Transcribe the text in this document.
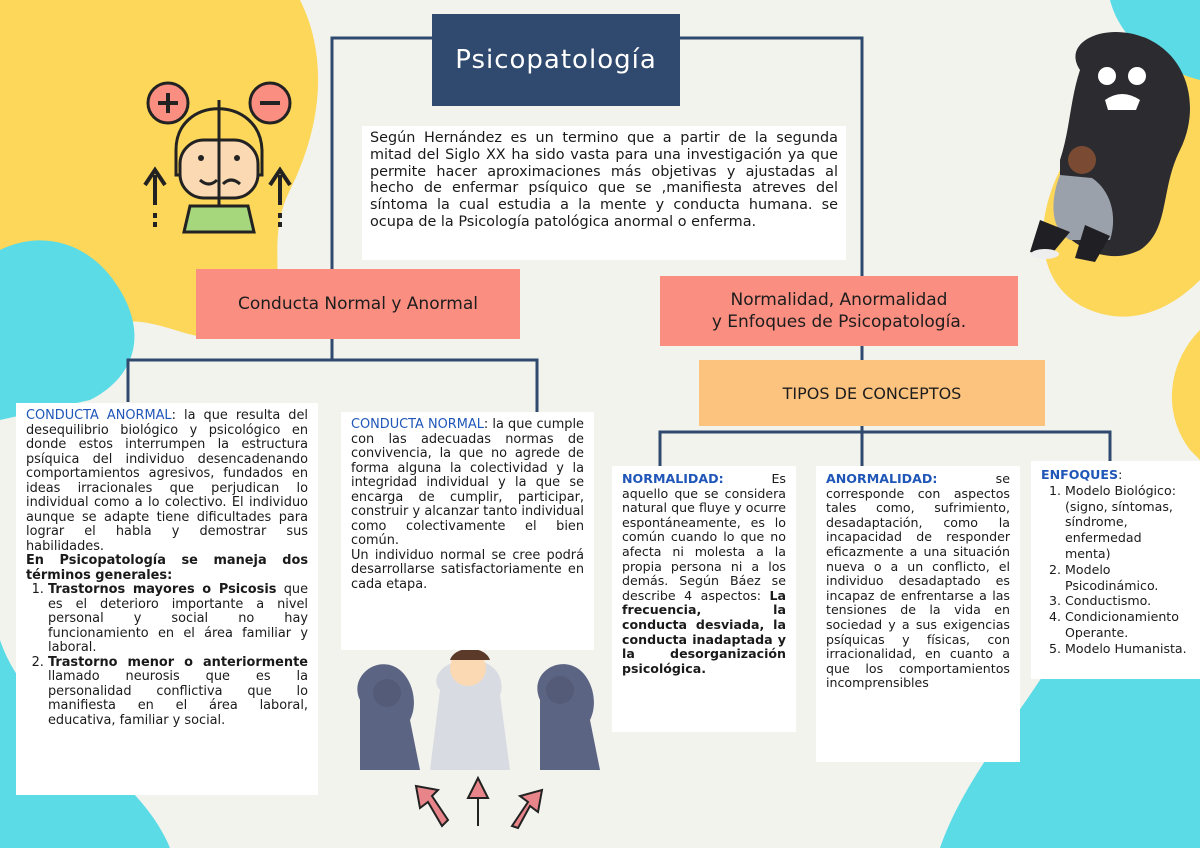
Psicopatología
Según Hernández es un termino que a partir de la segunda mitad del Siglo XX ha sido vasta para una investigación ya que permite hacer aproximaciones más objetivas y ajustadas al hecho de enfermar psíquico que se ,manifiesta atreves del síntoma la cual estudia a la mente y conducta humana. se ocupa de la Psicología patológica anormal o enferma.
Conducta Normal y Anormal	Normalidad, Anormalidad
y Enfoques de Psicopatología.
TIPOS DE CONCEPTOS

CONDUCTA ANORMAL: la que resulta del desequilibrio biológico y psicológico en donde estos interrumpen la estructura psíquica del individuo desencadenando comportamientos agresivos, fundados en ideas irracionales que perjudican lo individual como a lo colectivo. El individuo aunque se adapte tiene dificultades para lograr el habla y demostrar sus habilidades.

En Psicopatología se maneja dos términos generales:

1. Trastornos mayores o Psicosis que es el deterioro importante a nivel personal y social no hay funcionamiento en el área familiar y laboral.
2. Trastorno menor o anteriormente llamado neurosis que es la personalidad conflictiva que lo manifiesta en el área laboral, educativa, familiar y social.

CONDUCTA NORMAL: la que cumple con las adecuadas normas de convivencia, la que no agrede de forma alguna la colectividad y la integridad individual y la que se encarga de cumplir, participar, construir y alcanzar tanto individual como colectivamente el bien común.

Un individuo normal se cree podrá desarrollarse satisfactoriamente en cada etapa.

NORMALIDAD: Es aquello que se considera natural que fluye y ocurre espontáneamente, es lo común cuando lo que no afecta ni molesta a la propia persona ni a los demás. Según Báez se describe 4 aspectos: La frecuencia, la conducta desviada, la conducta inadaptada y la desorganización psicológica.

ANORMALIDAD: se corresponde con aspectos tales como, sufrimiento, desadaptación, como la incapacidad de responder eficazmente a una situación nueva o a un conflicto, el individuo desadaptado es incapaz de enfrentarse a las tensiones de la vida en sociedad y a sus exigencias psíquicas y físicas, con irracionalidad, en cuanto a que los comportamientos incomprensibles

ENFOQUES:

1. Modelo Biológico: (signo, síntomas, síndrome, enfermedad menta)
2. Modelo Psicodinámico.
3. Conductismo.
4. Condicionamiento Operante.
5. Modelo Humanista.
